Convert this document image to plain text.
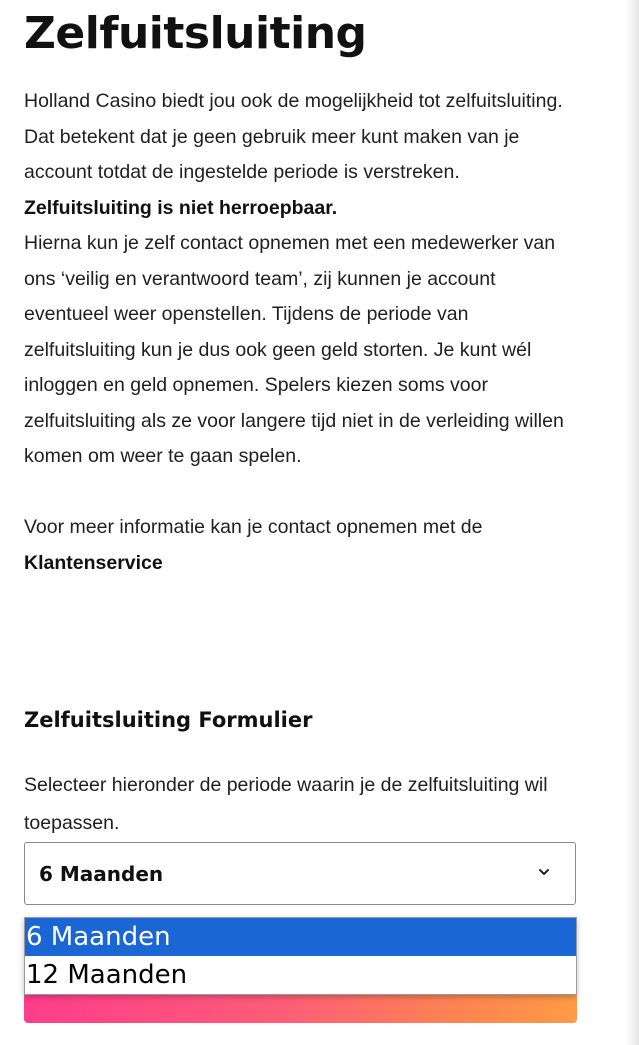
Zelfuitsluiting

Holland Casino biedt jou ook de mogelijkheid tot zelfuitsluiting. Dat betekent dat je geen gebruik meer kunt maken van je account totdat de ingestelde periode is verstreken. Zelfuitsluiting is niet herroepbaar.

Hierna kun je zelf contact opnemen met een medewerker van ons ‘veilig en verantwoord team’, zij kunnen je account eventueel weer openstellen. Tijdens de periode van zelfuitsluiting kun je dus ook geen geld storten. Je kunt wél inloggen en geld opnemen. Spelers kiezen soms voor zelfuitsluiting als ze voor langere tijd niet in de verleiding willen komen om weer te gaan spelen.

Voor meer informatie kan je contact opnemen met de
Klantenservice

Zelfuitsluiting Formulier

Selecteer hieronder de periode waarin je de zelfuitsluiting wil toepassen.

6 Maanden
6 Maanden
12 Maanden
